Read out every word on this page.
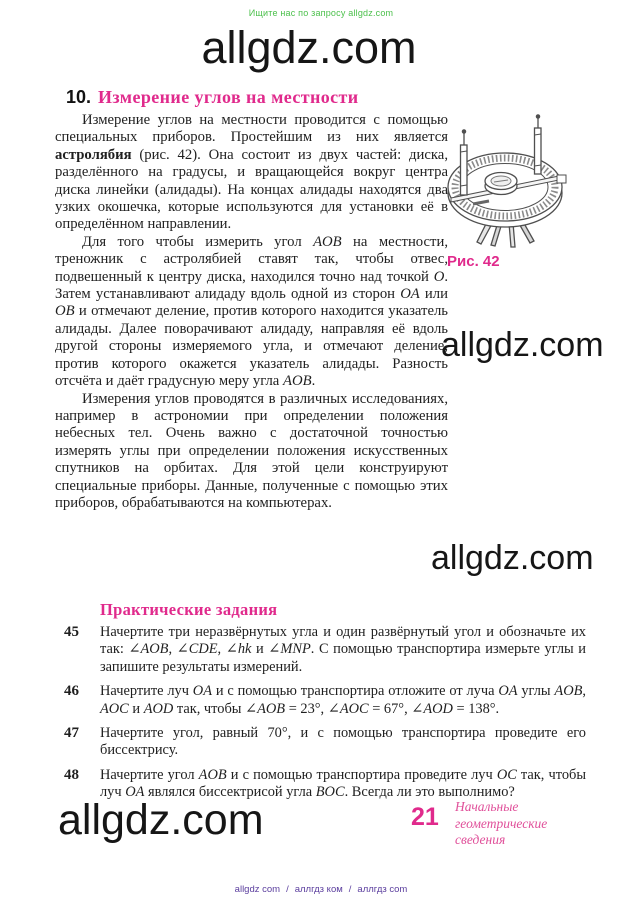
Ищите нас по запросу allgdz.com
allgdz.com
10. Измерение углов на местности

Измерение углов на местности проводится с помощью специальных приборов. Простейшим из них является астролябия (рис. 42). Она состоит из двух частей: диска, разделённого на градусы, и вращающейся вокруг центра диска линейки (алидады). На концах алидады находятся два узких окошечка, которые используются для установки её в определённом направлении.

Для того чтобы измерить угол AOB на местности, треножник с астролябией ставят так, чтобы отвес, подвешенный к центру диска, находился точно над точкой O. Затем устанавливают алидаду вдоль одной из сторон OA или OB и отмечают деление, против которого находится указатель алидады. Далее поворачивают алидаду, направляя её вдоль другой стороны измеряемого угла, и отмечают деление, против которого окажется указатель алидады. Разность отсчёта и даёт градусную меру угла AOB.

Измерения углов проводятся в различных исследованиях, например в астрономии при определении положения небесных тел. Очень важно с достаточной точностью измерять углы при определении положения искусственных спутников на орбитах. Для этой цели конструируют специальные приборы. Данные, полученные с помощью этих приборов, обрабатываются на компьютерах.

Рис. 42
allgdz.com
allgdz.com
Практические задания
45 Начертите три неразвёрнутых угла и один развёрнутый угол и обозначьте их так: ∠AOB, ∠CDE, ∠hk и ∠MNP. С помощью транспортира измерьте углы и запишите результаты измерений.

46 Начертите луч OA и с помощью транспортира отложите от луча OA углы AOB, AOC и AOD так, чтобы ∠AOB = 23°, ∠AOC = 67°, ∠AOD = 138°.

47 Начертите угол, равный 70°, и с помощью транспортира проведите его биссектрису.

48 Начертите угол AOB и с помощью транспортира проведите луч OC так, чтобы луч OA являлся биссектрисой угла BOC. Всегда ли это выполнимо?

allgdz.com	21 Начальные геометрические сведения
allgdz com / аллгдз ком / аллгдз com
